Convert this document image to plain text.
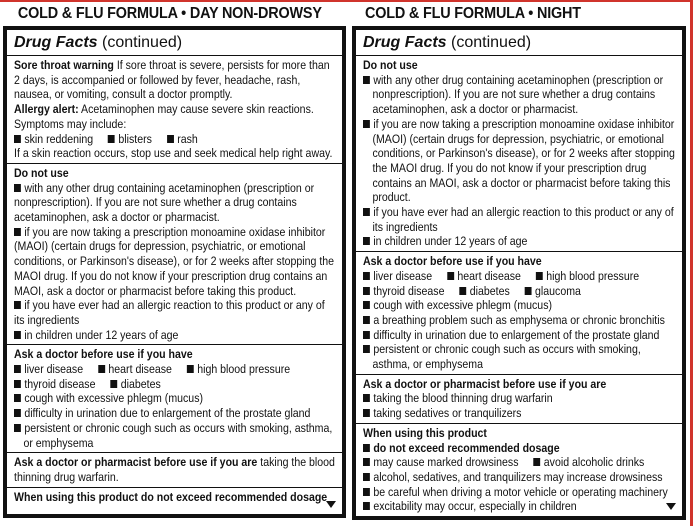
COLD & FLU FORMULA • DAY NON-DROWSY
Drug Facts (continued)
Sore throat warning If sore throat is severe, persists for more than 2 days, is accompanied or followed by fever, headache, rash, nausea, or vomiting, consult a doctor promptly.
Allergy alert: Acetaminophen may cause severe skin reactions. Symptoms may include:
skin reddening blisters rash
If a skin reaction occurs, stop use and seek medical help right away.
Do not use
with any other drug containing acetaminophen (prescription or nonprescription). If you are not sure whether a drug contains acetaminophen, ask a doctor or pharmacist.
if you are now taking a prescription monoamine oxidase inhibitor (MAOI) (certain drugs for depression, psychiatric, or emotional conditions, or Parkinson's disease), or for 2 weeks after stopping the MAOI drug. If you do not know if your prescription drug contains an MAOI, ask a doctor or pharmacist before taking this product.
if you have ever had an allergic reaction to this product or any of its ingredients
in children under 12 years of age
Ask a doctor before use if you have
liver disease heart disease high blood pressure
thyroid disease diabetes
cough with excessive phlegm (mucus)
difficulty in urination due to enlargement of the prostate gland
persistent or chronic cough such as occurs with smoking, asthma, or emphysema
Ask a doctor or pharmacist before use if you are taking the blood thinning drug warfarin.
When using this product do not exceed recommended dosage
COLD & FLU FORMULA • NIGHT
Drug Facts (continued)
Do not use
with any other drug containing acetaminophen (prescription or nonprescription). If you are not sure whether a drug contains acetaminophen, ask a doctor or pharmacist.
if you are now taking a prescription monoamine oxidase inhibitor (MAOI) (certain drugs for depression, psychiatric, or emotional conditions, or Parkinson's disease), or for 2 weeks after stopping the MAOI drug. If you do not know if your prescription drug contains an MAOI, ask a doctor or pharmacist before taking this product.
if you have ever had an allergic reaction to this product or any of its ingredients
in children under 12 years of age
Ask a doctor before use if you have
liver disease heart disease high blood pressure
thyroid disease diabetes glaucoma
cough with excessive phlegm (mucus)
a breathing problem such as emphysema or chronic bronchitis
difficulty in urination due to enlargement of the prostate gland
persistent or chronic cough such as occurs with smoking, asthma, or emphysema
Ask a doctor or pharmacist before use if you are
taking the blood thinning drug warfarin
taking sedatives or tranquilizers
When using this product
do not exceed recommended dosage
may cause marked drowsiness avoid alcoholic drinks
alcohol, sedatives, and tranquilizers may increase drowsiness
be careful when driving a motor vehicle or operating machinery
excitability may occur, especially in children
